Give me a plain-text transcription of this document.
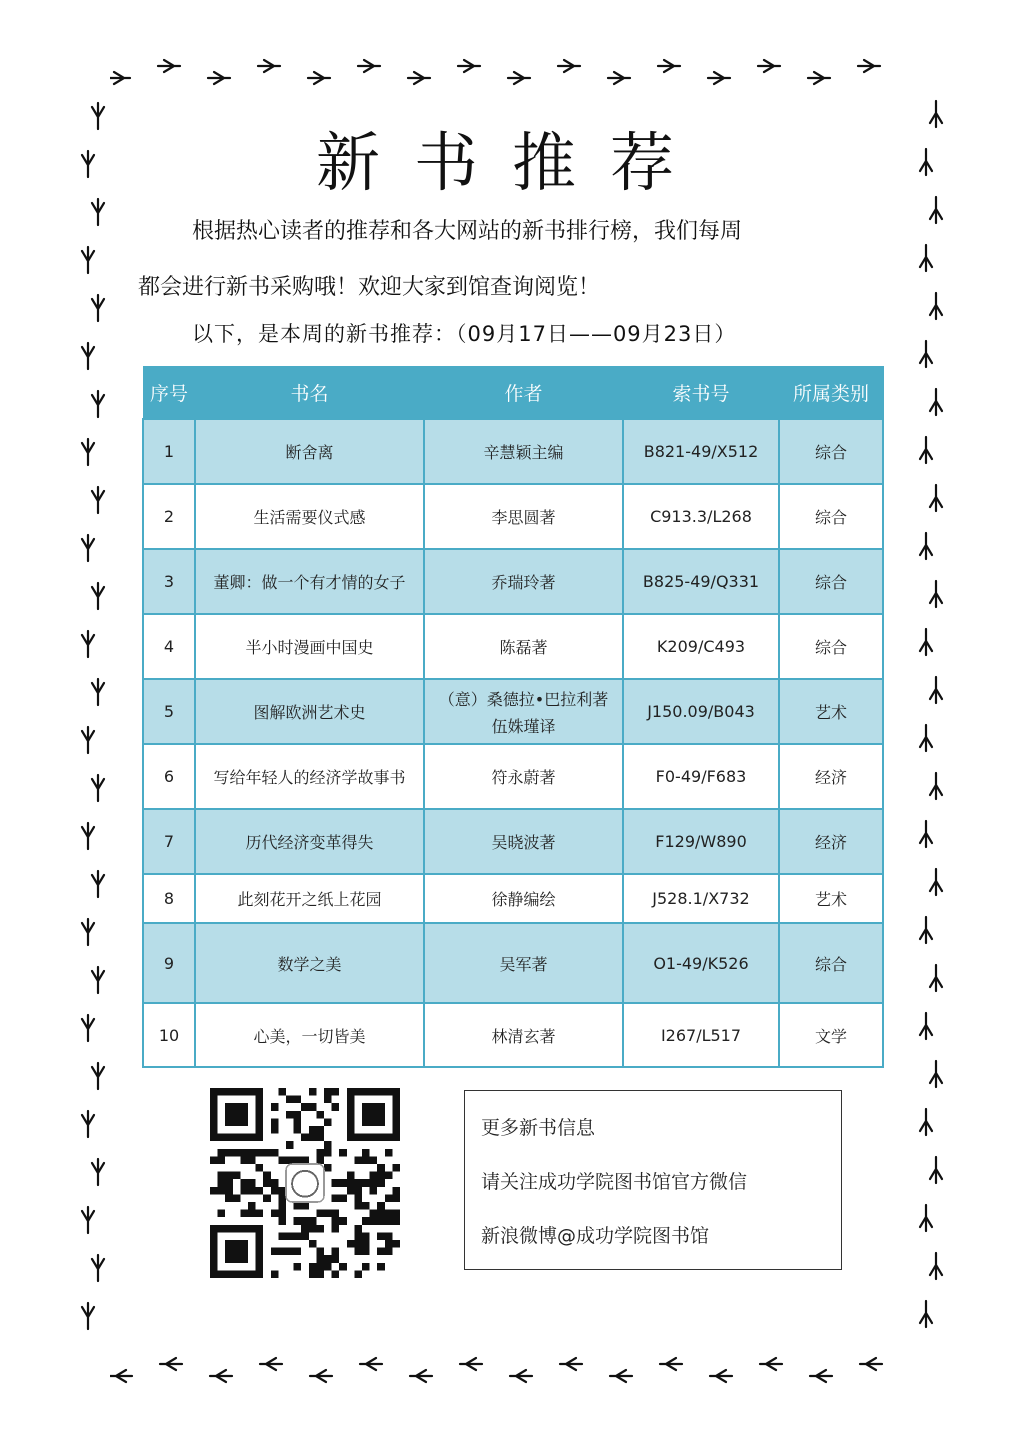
新书推荐

根据热心读者的推荐和各大网站的新书排行榜，我们每周

都会进行新书采购哦！欢迎大家到馆查询阅览！

以下，是本周的新书推荐：（09月17日——09月23日）
序号	书名	作者	索书号	所属类别
1	断舍离	辛慧颖主编	B821-49/X512	综合
2	生活需要仪式感	李思圆著	C913.3/L268	综合
3	董卿：做一个有才情的女子	乔瑞玲著	B825-49/Q331	综合
4	半小时漫画中国史	陈磊著	K209/C493	综合
5	图解欧洲艺术史	（意）桑德拉•巴拉利著
伍姝瑾译	J150.09/B043	艺术
6	写给年轻人的经济学故事书	符永蔚著	F0-49/F683	经济
7	历代经济变革得失	吴晓波著	F129/W890	经济
8	此刻花开之纸上花园	徐静编绘	J528.1/X732	艺术
9	数学之美	吴军著	O1-49/K526	综合
10	心美，一切皆美	林清玄著	I267/L517	文学
更多新书信息
请关注成功学院图书馆官方微信
新浪微博@成功学院图书馆
